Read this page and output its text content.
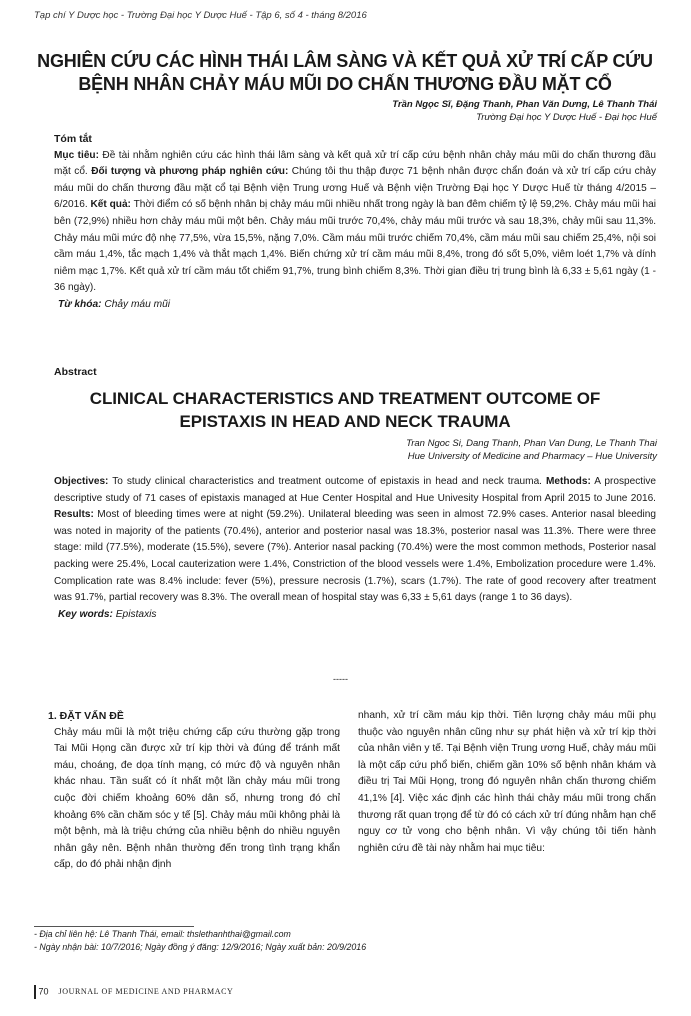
Tạp chí Y Dược học - Trường Đại học Y Dược Huế - Tập 6, số 4 - tháng 8/2016
NGHIÊN CỨU CÁC HÌNH THÁI LÂM SÀNG VÀ KẾT QUẢ XỬ TRÍ CẤP CỨU
BỆNH NHÂN CHẢY MÁU MŨI DO CHẤN THƯƠNG ĐẦU MẶT CỔ
Trần Ngọc Sĩ, Đặng Thanh, Phan Văn Dưng, Lê Thanh Thái
Trường Đại học Y Dược Huế - Đại học Huế

Tóm tắt

Mục tiêu: Đề tài nhằm nghiên cứu các hình thái lâm sàng và kết quả xử trí cấp cứu bệnh nhân chảy máu mũi do chấn thương đầu mặt cổ. Đối tượng và phương pháp nghiên cứu: Chúng tôi thu thập được 71 bệnh nhân được chẩn đoán và xử trí cấp cứu chảy máu mũi do chấn thương đầu mặt cổ tại Bệnh viện Trung ương Huế và Bệnh viện Trường Đại học Y Dược Huế từ tháng 4/2015 – 6/2016. Kết quả: Thời điểm có số bệnh nhân bị chảy máu mũi nhiều nhất trong ngày là ban đêm chiếm tỷ lệ 59,2%. Chảy máu mũi hai bên (72,9%) nhiều hơn chảy máu mũi một bên. Chảy máu mũi trước 70,4%, chảy máu mũi trước và sau 18,3%, chảy mũi sau 11,3%. Chảy máu mũi mức độ nhẹ 77,5%, vừa 15,5%, nặng 7,0%. Cầm máu mũi trước chiếm 70,4%, cầm máu mũi sau chiếm 25,4%, nội soi cầm máu 1,4%, tắc mạch 1,4% và thắt mạch 1,4%. Biến chứng xử trí cầm máu mũi 8,4%, trong đó sốt 5,0%, viêm loét 1,7% và dính niêm mạc 1,7%. Kết quả xử trí cầm máu tốt chiếm 91,7%, trung bình chiếm 8,3%. Thời gian điều trị trung bình là 6,33 ± 5,61 ngày (1 - 36 ngày).

Từ khóa: Chảy máu mũi

Abstract
CLINICAL CHARACTERISTICS AND TREATMENT OUTCOME OF
EPISTAXIS IN HEAD AND NECK TRAUMA
Tran Ngoc Si, Dang Thanh, Phan Van Dung, Le Thanh Thai
Hue University of Medicine and Pharmacy – Hue University

Objectives: To study clinical characteristics and treatment outcome of epistaxis in head and neck trauma. Methods: A prospective descriptive study of 71 cases of epistaxis managed at Hue Center Hospital and Hue Univesity Hospital from April 2015 to June 2016. Results: Most of bleeding times were at night (59.2%). Unilateral bleeding was seen in almost 72.9% cases. Anterior nasal bleeding was noted in majority of the patients (70.4%), anterior and posterior nasal was 18.3%, posterior nasal was 11.3%. There were three stage: mild (77.5%), moderate (15.5%), severe (7%). Anterior nasal packing (70.4%) were the most common methods, Posterior nasal packing were 25.4%, Local cauterization were 1.4%, Constriction of the blood vessels were 1.4%, Embolization procedure were 1.4%. Complication rate was 8.4% include: fever (5%), pressure necrosis (1.7%), scars (1.7%). The rate of good recovery after treatment was 91.7%, partial recovery was 8.3%. The overall mean of hospital stay was 6,33 ± 5,61 days (range 1 to 36 days).

Key words: Epistaxis

-----

1. ĐẶT VẤN ĐỀ

Chảy máu mũi là một triệu chứng cấp cứu thường gặp trong Tai Mũi Họng cần được xử trí kịp thời và đúng để tránh mất máu, choáng, đe dọa tính mạng, có mức độ và nguyên nhân khác nhau. Tần suất có ít nhất một lần chảy máu mũi trong cuộc đời chiếm khoảng 60% dân số, nhưng trong đó chỉ khoảng 6% cần chăm sóc y tế [5]. Chảy máu mũi không phải là một bệnh, mà là triệu chứng của nhiều bệnh do nhiều nguyên nhân gây nên. Bệnh nhân thường đến trong tình trạng khẩn cấp, do đó phải nhận định

nhanh, xử trí cầm máu kịp thời. Tiên lượng chảy máu mũi phụ thuộc vào nguyên nhân cũng như sự phát hiện và xử trí kịp thời của nhân viên y tế. Tại Bệnh viện Trung ương Huế, chảy máu mũi là một cấp cứu phổ biến, chiếm gần 10% số bệnh nhân khám và điều trị Tai Mũi Họng, trong đó nguyên nhân chấn thương chiếm 41,1% [4]. Việc xác định các hình thái chảy máu mũi trong chấn thương rất quan trọng để từ đó có cách xử trí đúng nhằm hạn chế nguy cơ tử vong cho bệnh nhân. Vì vậy chúng tôi tiến hành nghiên cứu đề tài này nhằm hai mục tiêu:

- Địa chỉ liên hệ: Lê Thanh Thái, email: thslethanhthai@gmail.com
- Ngày nhận bài: 10/7/2016; Ngày đồng ý đăng: 12/9/2016; Ngày xuất bản: 20/9/2016
70 JOURNAL OF MEDICINE AND PHARMACY
